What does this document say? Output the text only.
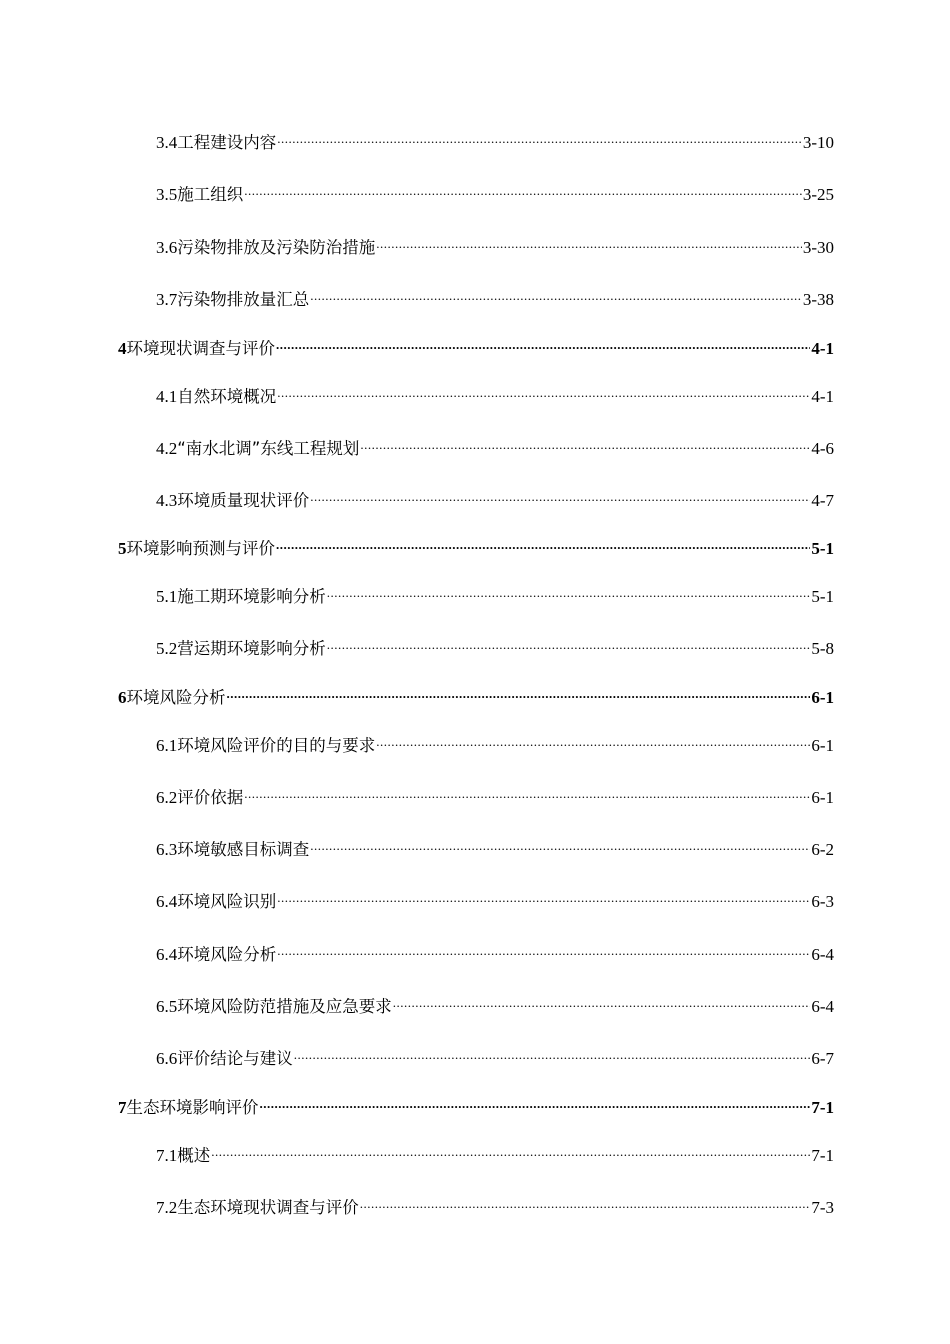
3.4 工程建设内容 .....	3-10
3.5 施工组织 .....	3-25
3.6 污染物排放及污染防治措施 .....	3-30
3.7 污染物排放量汇总 .....	3-38
4 环境现状调查与评价 .....	4-1
4.1 自然环境概况 .....	4-1
4.2 “南水北调”东线工程规划 .....	4-6
4.3 环境质量现状评价 .....	4-7
5 环境影响预测与评价 .....	5-1
5.1 施工期环境影响分析 .....	5-1
5.2 营运期环境影响分析 .....	5-8
6 环境风险分析 .....	6-1
6.1 环境风险评价的目的与要求 .....	6-1
6.2 评价依据 .....	6-1
6.3 环境敏感目标调查 .....	6-2
6.4 环境风险识别 .....	6-3
6.4 环境风险分析 .....	6-4
6.5 环境风险防范措施及应急要求 .....	6-4
6.6 评价结论与建议 .....	6-7
7 生态环境影响评价 .....	7-1
7.1 概述 .....	7-1
7.2 生态环境现状调查与评价 .....	7-3
